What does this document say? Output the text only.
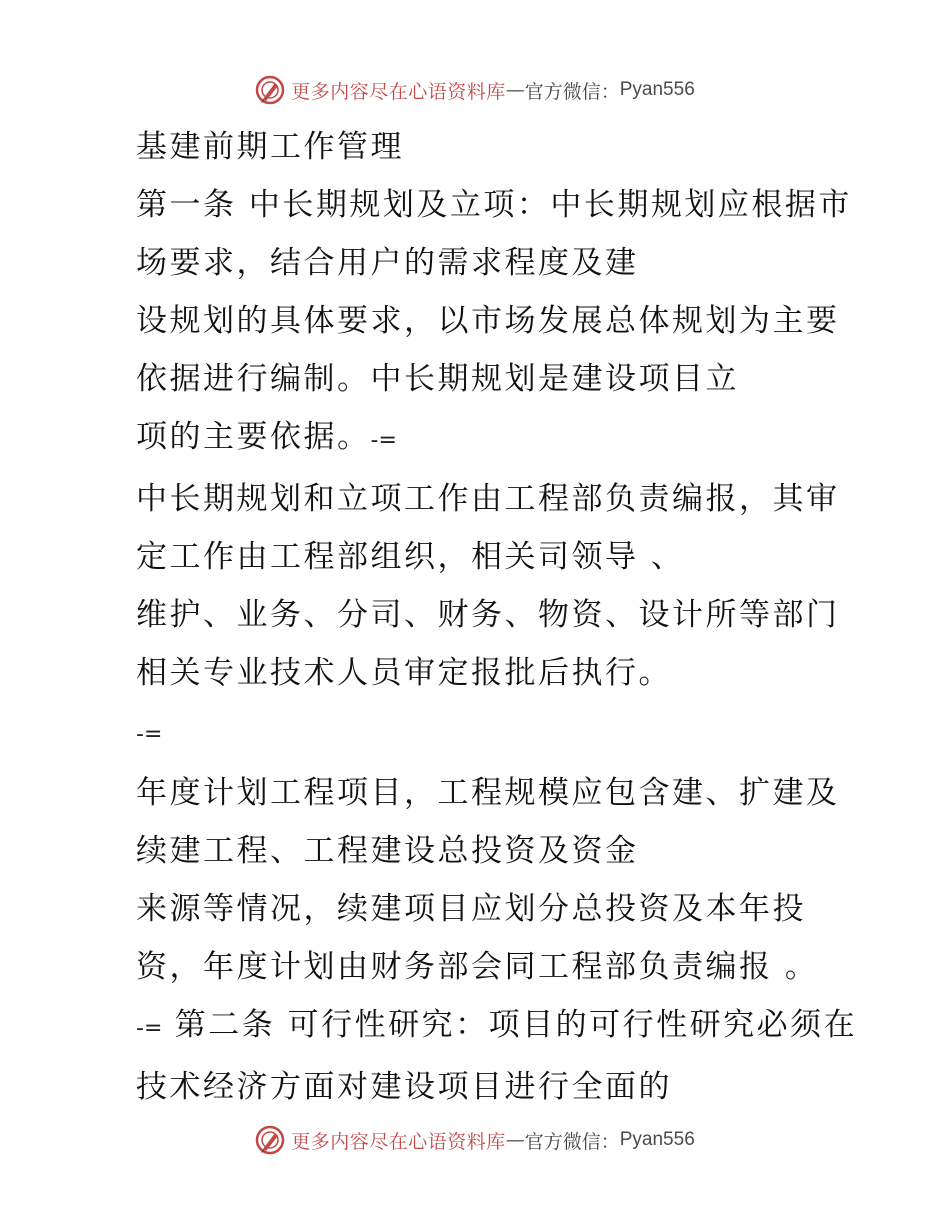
更多内容尽在心语资料库 — 官方微信： Pyan556

基建前期工作管理

第一条 中长期规划及立项：中长期规划应根据市场要求，结合用户的需求程度及建

设规划的具体要求，以市场发展总体规划为主要依据进行编制。中长期规划是建设项目立

项的主要依据。-=

中长期规划和立项工作由工程部负责编报，其审定工作由工程部组织，相关司领导 、

维护、业务、分司、财务、物资、设计所等部门相关专业技术人员审定报批后执行。

-=

年度计划工程项目，工程规模应包含建、扩建及续建工程、工程建设总投资及资金

来源等情况，续建项目应划分总投资及本年投资，年度计划由财务部会同工程部负责编报 。

-= 第二条 可行性研究：项目的可行性研究必须在技术经济方面对建设项目进行全面的

更多内容尽在心语资料库 — 官方微信： Pyan556
